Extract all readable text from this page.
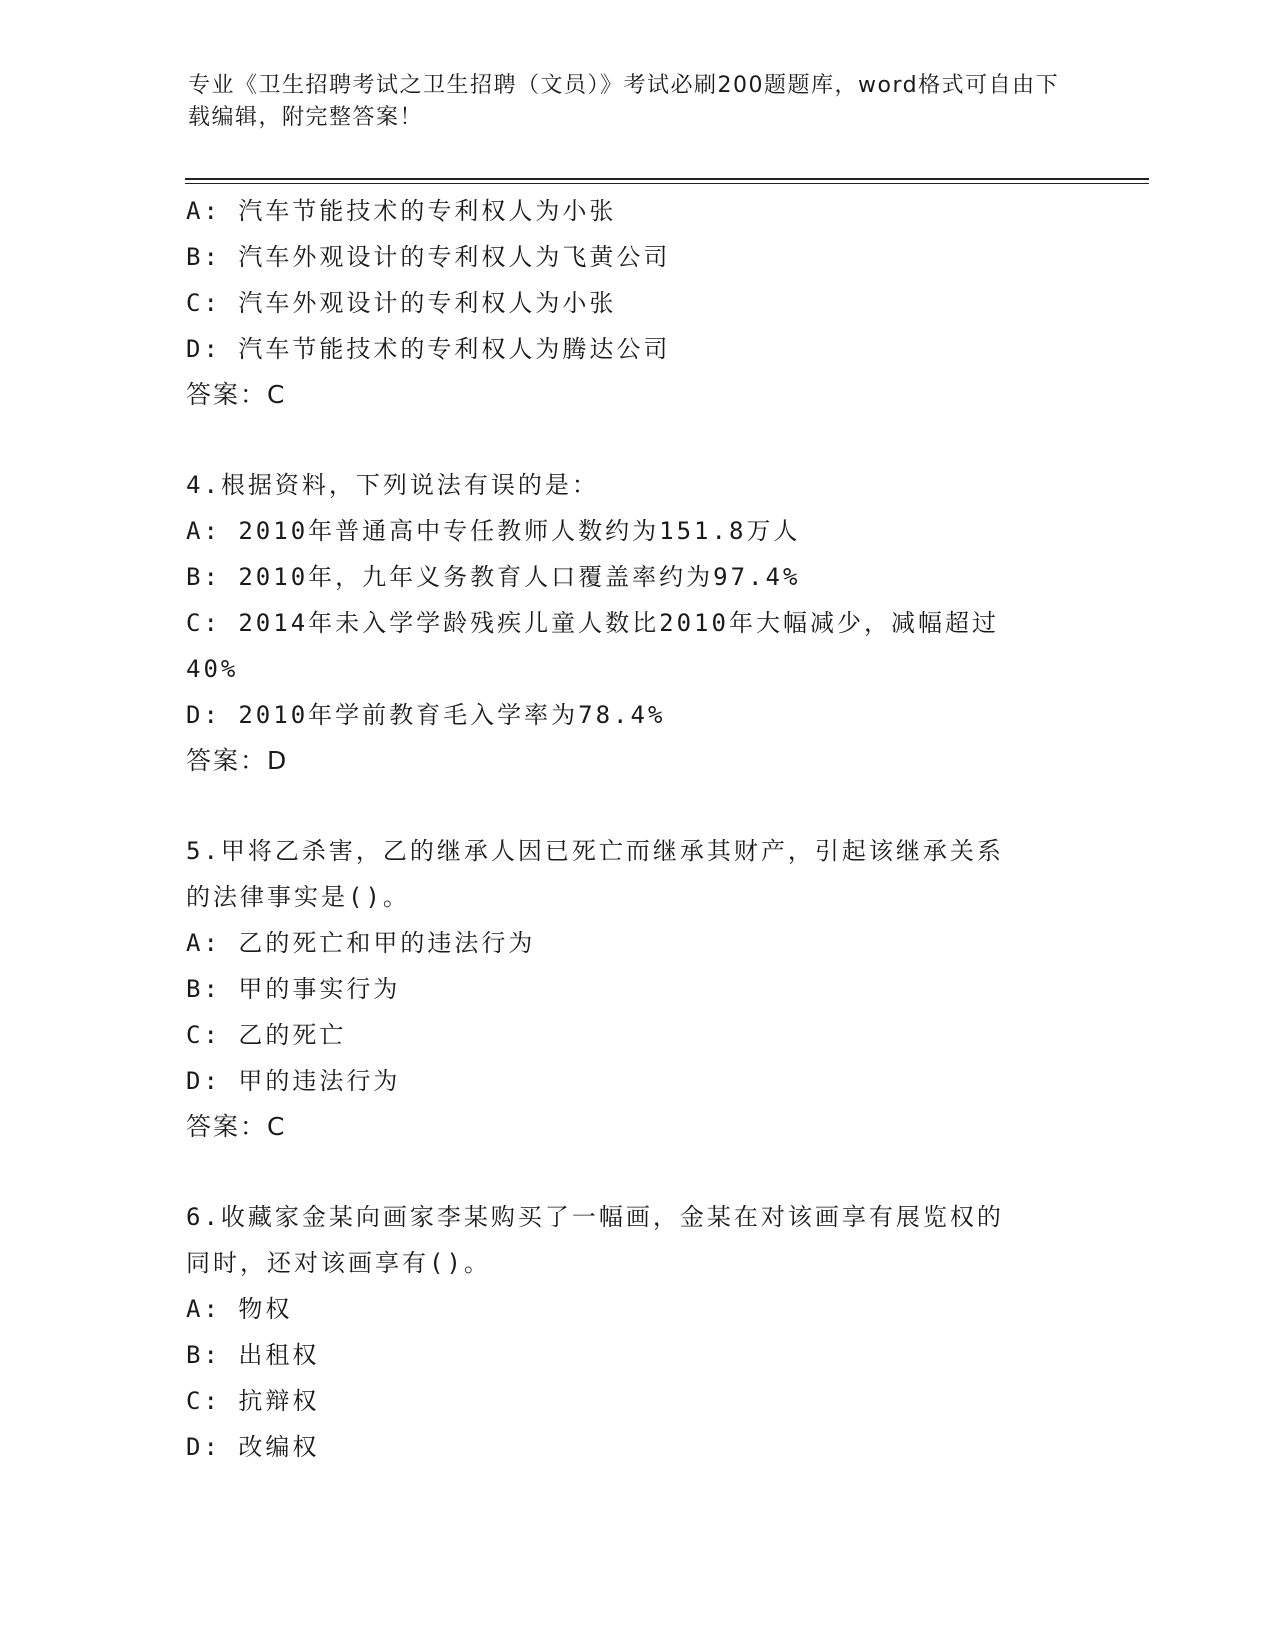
专业《卫生招聘考试之卫生招聘（文员）》考试必刷200题题库，word格式可自由下载编辑，附完整答案！
A: 汽车节能技术的专利权人为小张
B: 汽车外观设计的专利权人为飞黄公司
C: 汽车外观设计的专利权人为小张
D: 汽车节能技术的专利权人为腾达公司
答案：C
4.根据资料，下列说法有误的是：
A: 2010年普通高中专任教师人数约为151.8万人
B: 2010年，九年义务教育人口覆盖率约为97.4%
C: 2014年未入学学龄残疾儿童人数比2010年大幅减少，减幅超过
40%
D: 2010年学前教育毛入学率为78.4%
答案：D
5.甲将乙杀害，乙的继承人因已死亡而继承其财产，引起该继承关系
的法律事实是()。
A: 乙的死亡和甲的违法行为
B: 甲的事实行为
C: 乙的死亡
D: 甲的违法行为
答案：C
6.收藏家金某向画家李某购买了一幅画，金某在对该画享有展览权的
同时，还对该画享有()。
A: 物权
B: 出租权
C: 抗辩权
D: 改编权
